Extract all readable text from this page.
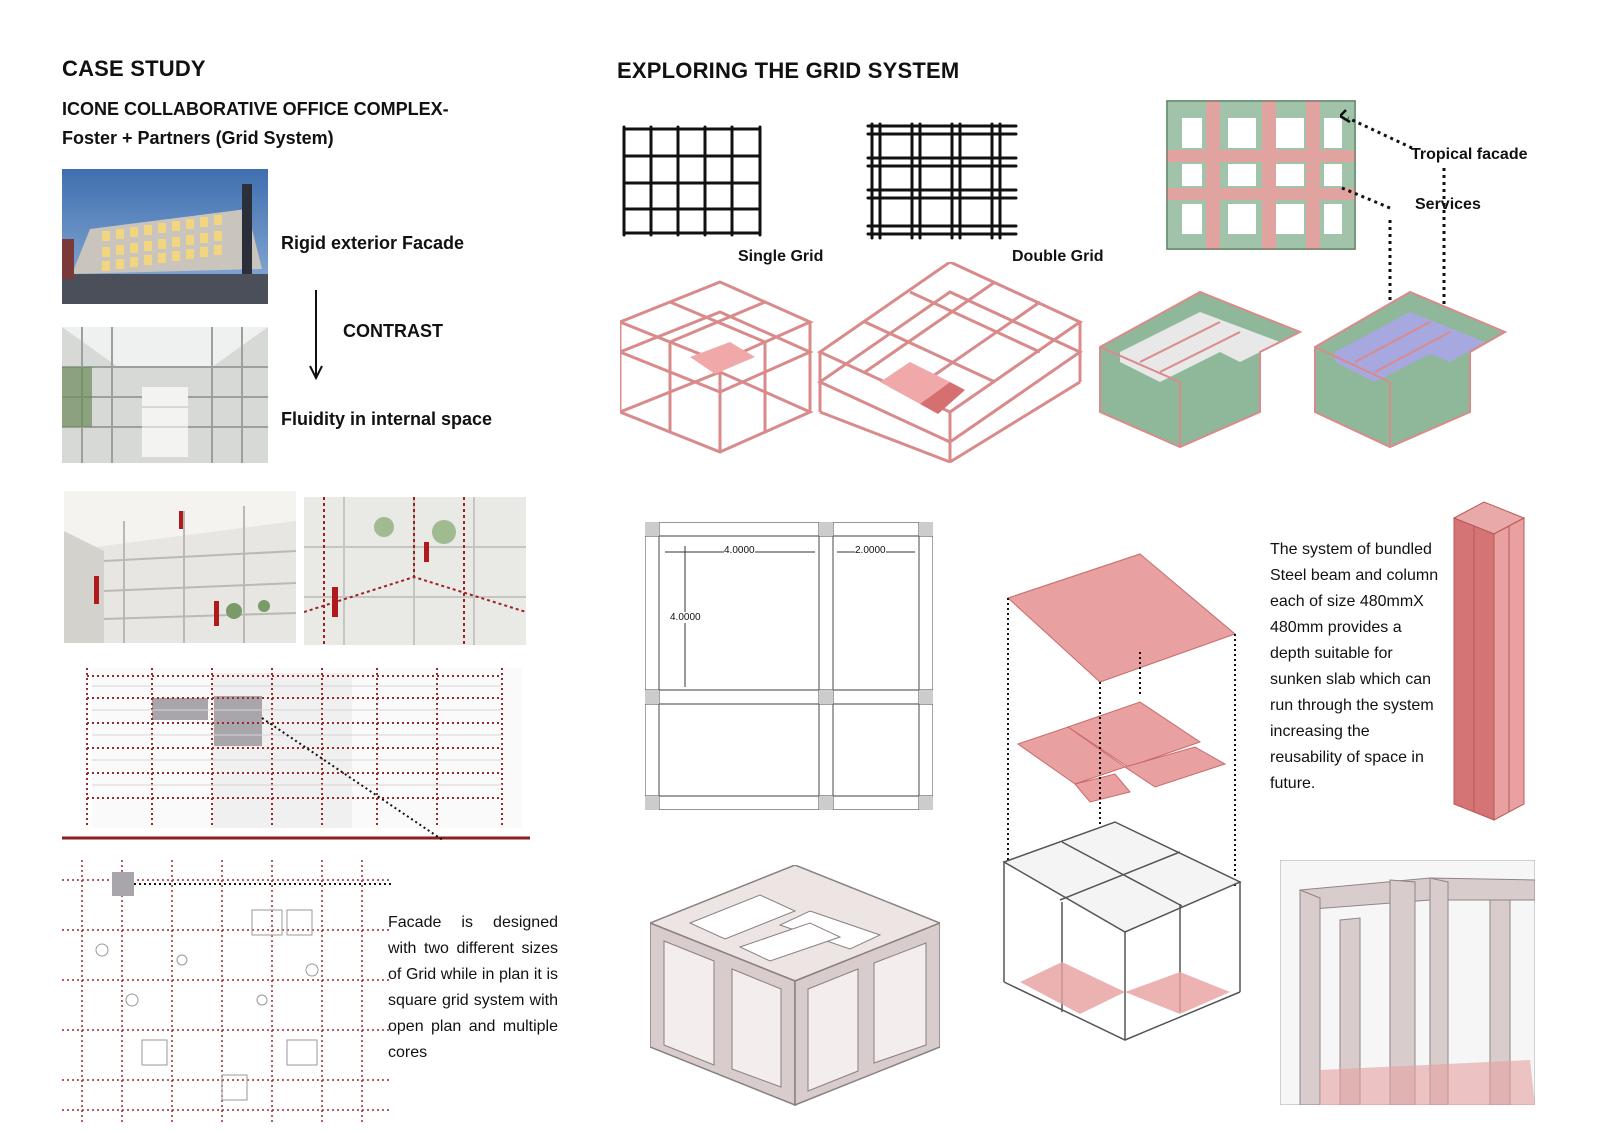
CASE STUDY
ICONE COLLABORATIVE OFFICE COMPLEX-
Foster + Partners (Grid System)
Rigid exterior Facade
CONTRAST
Fluidity in internal space
Facade is designed with two different sizes of Grid while in plan it is square grid system with open plan and multiple cores
EXPLORING THE GRID SYSTEM
Single Grid	Double Grid
Tropical facade
Services
4.0000	2.0000
4.0000
The system of bundled Steel beam and column each of size 480mmX 480mm provides a depth suitable for sunken slab which can run through the system increasing the reusability of space in future.
